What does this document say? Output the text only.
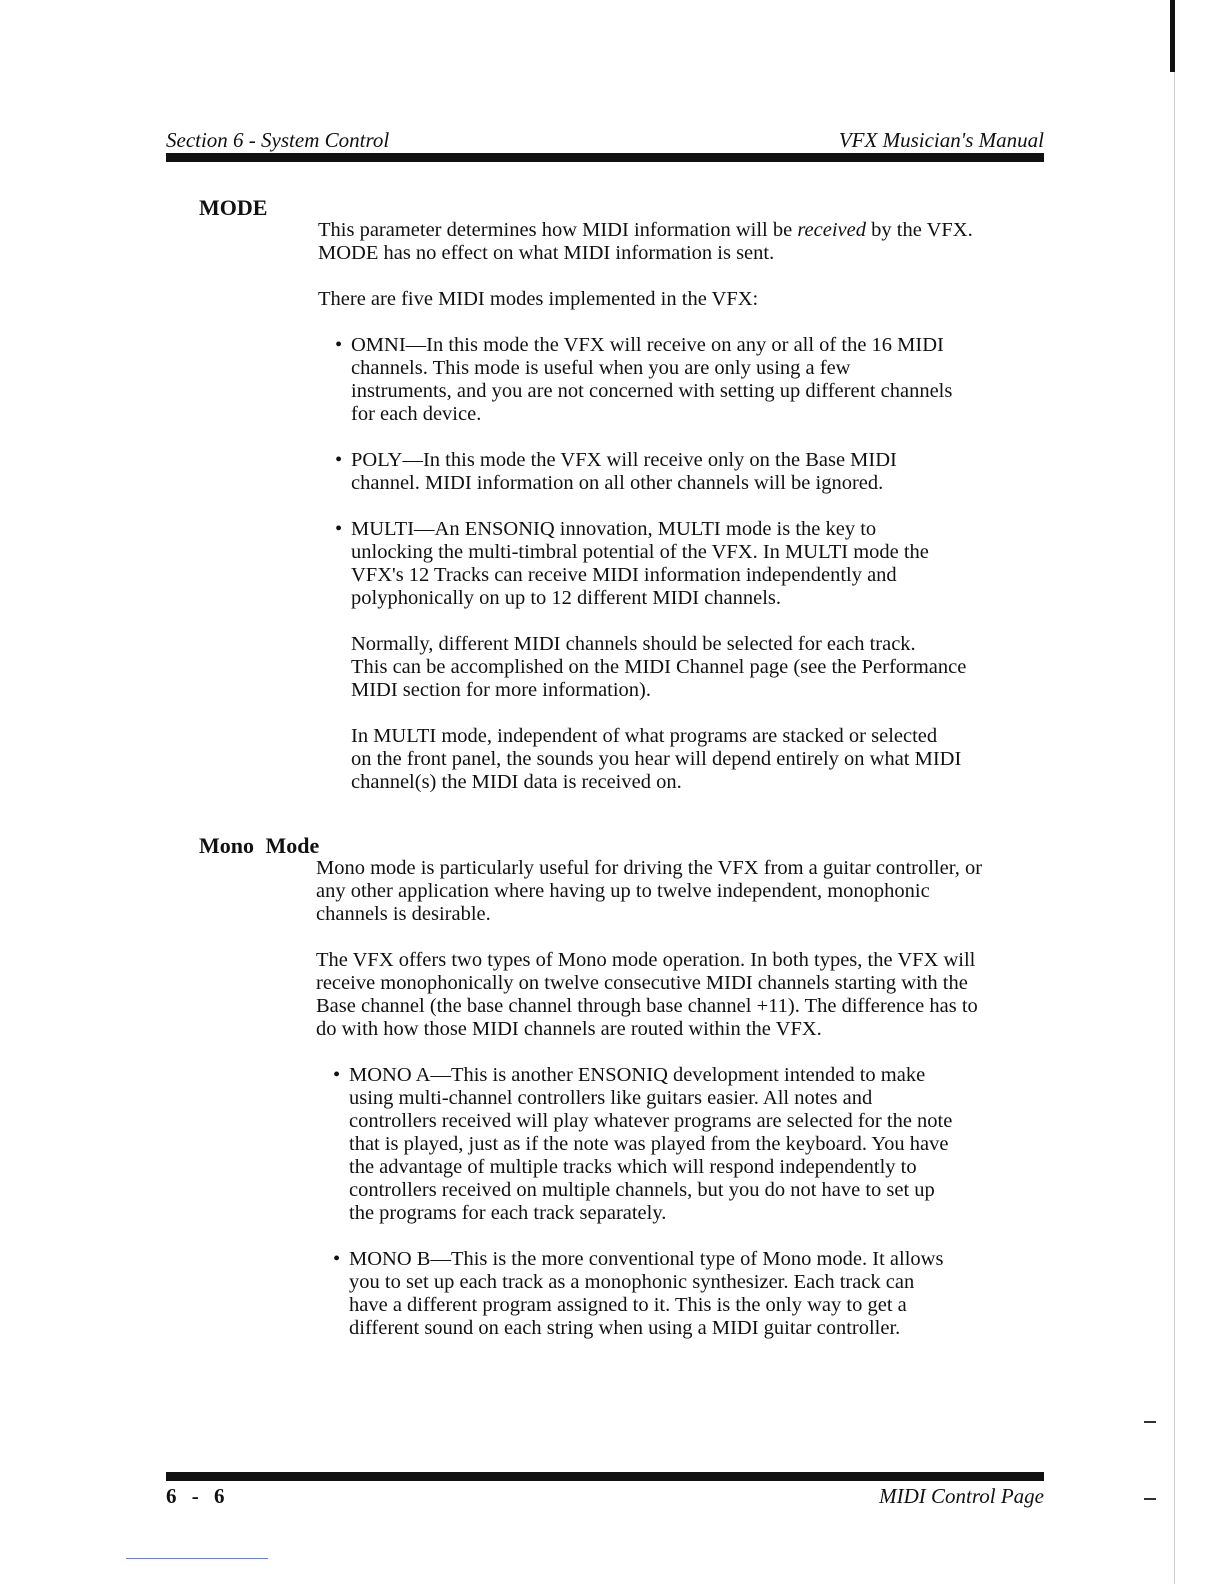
Section 6 - System Control	VFX Musician's Manual
MODE

This parameter determines how MIDI information will be received by the VFX.
MODE has no effect on what MIDI information is sent.

There are five MIDI modes implemented in the VFX:

• OMNI—In this mode the VFX will receive on any or all of the 16 MIDI
channels. This mode is useful when you are only using a few
instruments, and you are not concerned with setting up different channels
for each device.
• POLY—In this mode the VFX will receive only on the Base MIDI
channel. MIDI information on all other channels will be ignored.
• MULTI—An ENSONIQ innovation, MULTI mode is the key to
unlocking the multi-timbral potential of the VFX. In MULTI mode the
VFX's 12 Tracks can receive MIDI information independently and
polyphonically on up to 12 different MIDI channels.
Normally, different MIDI channels should be selected for each track.
This can be accomplished on the MIDI Channel page (see the Performance
MIDI section for more information).
In MULTI mode, independent of what programs are stacked or selected
on the front panel, the sounds you hear will depend entirely on what MIDI
channel(s) the MIDI data is received on.
Mono Mode

Mono mode is particularly useful for driving the VFX from a guitar controller, or
any other application where having up to twelve independent, monophonic
channels is desirable.

The VFX offers two types of Mono mode operation. In both types, the VFX will
receive monophonically on twelve consecutive MIDI channels starting with the
Base channel (the base channel through base channel +11). The difference has to
do with how those MIDI channels are routed within the VFX.

• MONO A—This is another ENSONIQ development intended to make
using multi-channel controllers like guitars easier. All notes and
controllers received will play whatever programs are selected for the note
that is played, just as if the note was played from the keyboard. You have
the advantage of multiple tracks which will respond independently to
controllers received on multiple channels, but you do not have to set up
the programs for each track separately.
• MONO B—This is the more conventional type of Mono mode. It allows
you to set up each track as a monophonic synthesizer. Each track can
have a different program assigned to it. This is the only way to get a
different sound on each string when using a MIDI guitar controller.
6 - 6	MIDI Control Page
